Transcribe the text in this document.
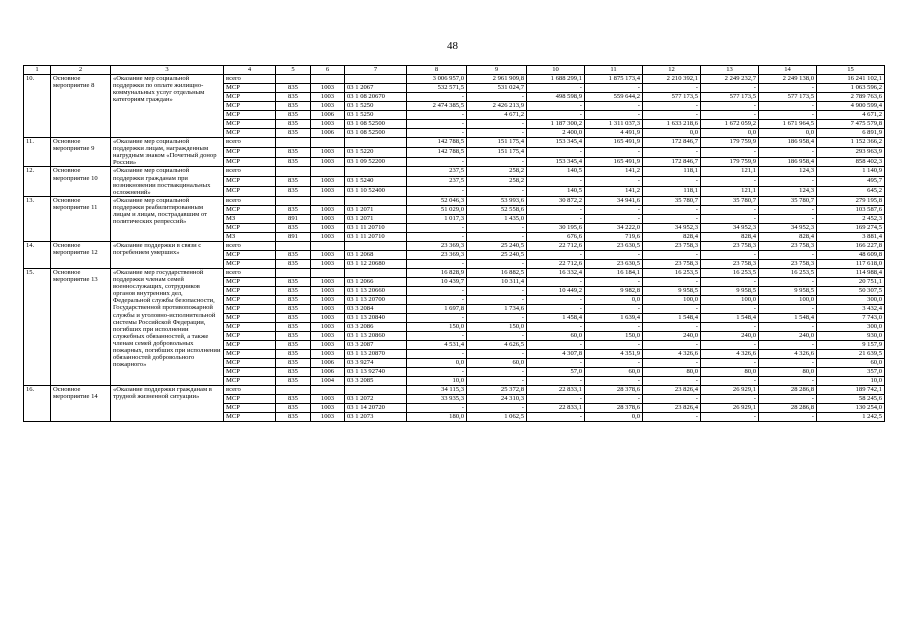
48
1	2	3	4	5	6	7	8	9	10	11	12	13	14	15
10.	Основное мероприятие 8	«Оказание мер социальной поддержки по оплате жилищно-коммунальных услуг отдельным категориям граждан»	всего				3 006 957,0	2 961 909,8	1 688 299,1	1 875 173,4	2 210 392,1	2 249 232,7	2 249 138,0	16 241 102,1
			МСР	835	1003	03 1 2067	532 571,5	531 024,7	-	-	-	-	-	1 063 596,2
			МСР	835	1003	03 1 08 20670	-	-	498 598,9	559 644,2	577 173,5	577 173,5	577 173,5	2 789 763,6
			МСР	835	1003	03 1 5250	2 474 385,5	2 426 213,9	-	-	-	-	-	4 900 599,4
			МСР	835	1006	03 1 5250	-	4 671,2	-	-	-	-	-	4 671,2
			МСР	835	1003	03 1 08 52500	-	-	1 187 300,2	1 311 037,3	1 633 218,6	1 672 059,2	1 671 964,5	7 475 579,8
			МСР	835	1006	03 1 08 52500	-	-	2 400,0	4 491,9	0,0	0,0	0,0	6 891,9
11.	Основное мероприятие 9	«Оказание мер социальной поддержки лицам, награжденным нагрудным знаком «Почетный донор России»	всего				142 788,5	151 175,4	153 345,4	165 491,9	172 846,7	179 759,9	186 958,4	1 152 366,2
			МСР	835	1003	03 1 5220	142 788,5	151 175,4	-	-	-	-	-	293 963,9
			МСР	835	1003	03 1 09 52200	-	-	153 345,4	165 491,9	172 846,7	179 759,9	186 958,4	858 402,3
12.	Основное мероприятие 10	«Оказание мер социальной поддержки гражданам при возникновении поствакцинальных осложнений»	всего				237,5	258,2	140,5	141,2	118,1	121,1	124,3	1 140,9
			МСР	835	1003	03 1 5240	237,5	258,2	-	-	-	-	-	495,7
			МСР	835	1003	03 1 10 52400	-	-	140,5	141,2	118,1	121,1	124,3	645,2
13.	Основное мероприятие 11	«Оказание мер социальной поддержки реабилитированным лицам и лицам, пострадавшим от политических репрессий»	всего				52 046,3	53 993,6	30 872,2	34 941,6	35 780,7	35 780,7	35 780,7	279 195,8
			МСР	835	1003	03 1 2071	51 029,0	52 558,6	-	-	-	-	-	103 587,6
			МЗ	891	1003	03 1 2071	1 017,3	1 435,0	-	-	-	-	-	2 452,3
			МСР	835	1003	03 1 11 20710	-	-	30 195,6	34 222,0	34 952,3	34 952,3	34 952,3	169 274,5
			МЗ	891	1003	03 1 11 20710	-	-	676,6	719,6	828,4	828,4	828,4	3 881,4
14.	Основное мероприятие 12	«Оказание поддержки в связи с погребением умерших»	всего				23 369,3	25 240,5	22 712,6	23 630,5	23 758,3	23 758,3	23 758,3	166 227,8
			МСР	835	1003	03 1 2068	23 369,3	25 240,5	-	-	-	-	-	48 609,8
			МСР	835	1003	03 1 12 20680	-	-	22 712,6	23 630,5	23 758,3	23 758,3	23 758,3	117 618,0
15.	Основное мероприятие 13	«Оказание мер государственной поддержки членам семей военнослужащих, сотрудников органов внутренних дел, Федеральной службы безопасности, Государственной противопожарной службы и уголовно-исполнительной системы Российской Федерации, погибших при исполнении служебных обязанностей, а также членам семей добровольных пожарных, погибших при исполнении обязанностей добровольного пожарного»	всего				16 828,9	16 882,5	16 332,4	16 184,1	16 253,5	16 253,5	16 253,5	114 988,4
			МСР	835	1003	03 1 2066	10 439,7	10 311,4	-	-	-	-	-	20 751,1
			МСР	835	1003	03 1 13 20660	-	-	10 449,2	9 982,8	9 958,5	9 958,5	9 958,5	50 307,5
			МСР	835	1003	03 1 13 20700	-	-	-	0,0	100,0	100,0	100,0	300,0
			МСР	835	1003	03 3 2084	1 697,8	1 734,6	-	-	-	-	-	3 432,4
			МСР	835	1003	03 1 13 20840	-	-	1 458,4	1 639,4	1 548,4	1 548,4	1 548,4	7 743,0
			МСР	835	1003	03 3 2086	150,0	150,0	-	-	-	-	-	300,0
			МСР	835	1003	03 1 13 20860	-	-	60,0	150,0	240,0	240,0	240,0	930,0
			МСР	835	1003	03 3 2087	4 531,4	4 626,5	-	-	-	-	-	9 157,9
			МСР	835	1003	03 1 13 20870	-	-	4 307,8	4 351,9	4 326,6	4 326,6	4 326,6	21 639,5
			МСР	835	1006	03 3 9274	0,0	60,0	-	-	-	-	-	60,0
			МСР	835	1006	03 1 13 92740	-	-	57,0	60,0	80,0	80,0	80,0	357,0
			МСР	835	1004	03 3 2085	10,0	-	-	-	-	-	-	10,0
16.	Основное мероприятие 14	«Оказание поддержки гражданам в трудной жизненной ситуации»	всего				34 115,3	25 372,8	22 833,1	28 378,6	23 826,4	26 929,1	28 286,8	189 742,1
			МСР	835	1003	03 1 2072	33 935,3	24 310,3	-	-	-	-	-	58 245,6
			МСР	835	1003	03 1 14 20720	-	-	22 833,1	28 378,6	23 826,4	26 929,1	28 286,8	130 254,0
			МСР	835	1003	03 1 2073	180,0	1 062,5	-	0,0	-	-	-	1 242,5
